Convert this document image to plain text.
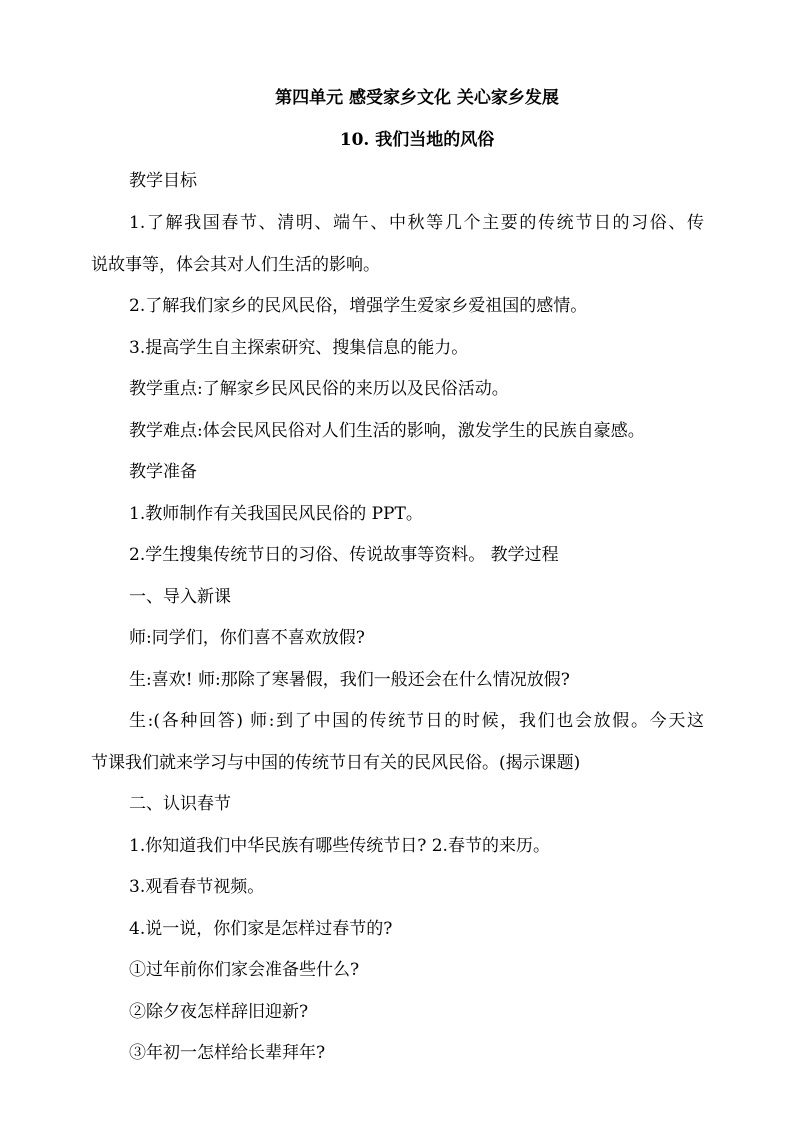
第四单元 感受家乡文化 关心家乡发展
10. 我们当地的风俗
教学目标
1.了解我国春节、清明、端午、中秋等几个主要的传统节日的习俗、传
说故事等，体会其对人们生活的影响。
2.了解我们家乡的民风民俗，增强学生爱家乡爱祖国的感情。
3.提高学生自主探索研究、搜集信息的能力。
教学重点:了解家乡民风民俗的来历以及民俗活动。
教学难点:体会民风民俗对人们生活的影响，激发学生的民族自豪感。
教学准备
1.教师制作有关我国民风民俗的 PPT。
2.学生搜集传统节日的习俗、传说故事等资料。 教学过程
一、导入新课
师:同学们，你们喜不喜欢放假?
生:喜欢! 师:那除了寒暑假，我们一般还会在什么情况放假?
生:(各种回答) 师:到了中国的传统节日的时候，我们也会放假。今天这
节课我们就来学习与中国的传统节日有关的民风民俗。(揭示课题)
二、认识春节
1.你知道我们中华民族有哪些传统节日? 2.春节的来历。
3.观看春节视频。
4.说一说，你们家是怎样过春节的?
①过年前你们家会准备些什么?
②除夕夜怎样辞旧迎新?
③年初一怎样给长辈拜年?
